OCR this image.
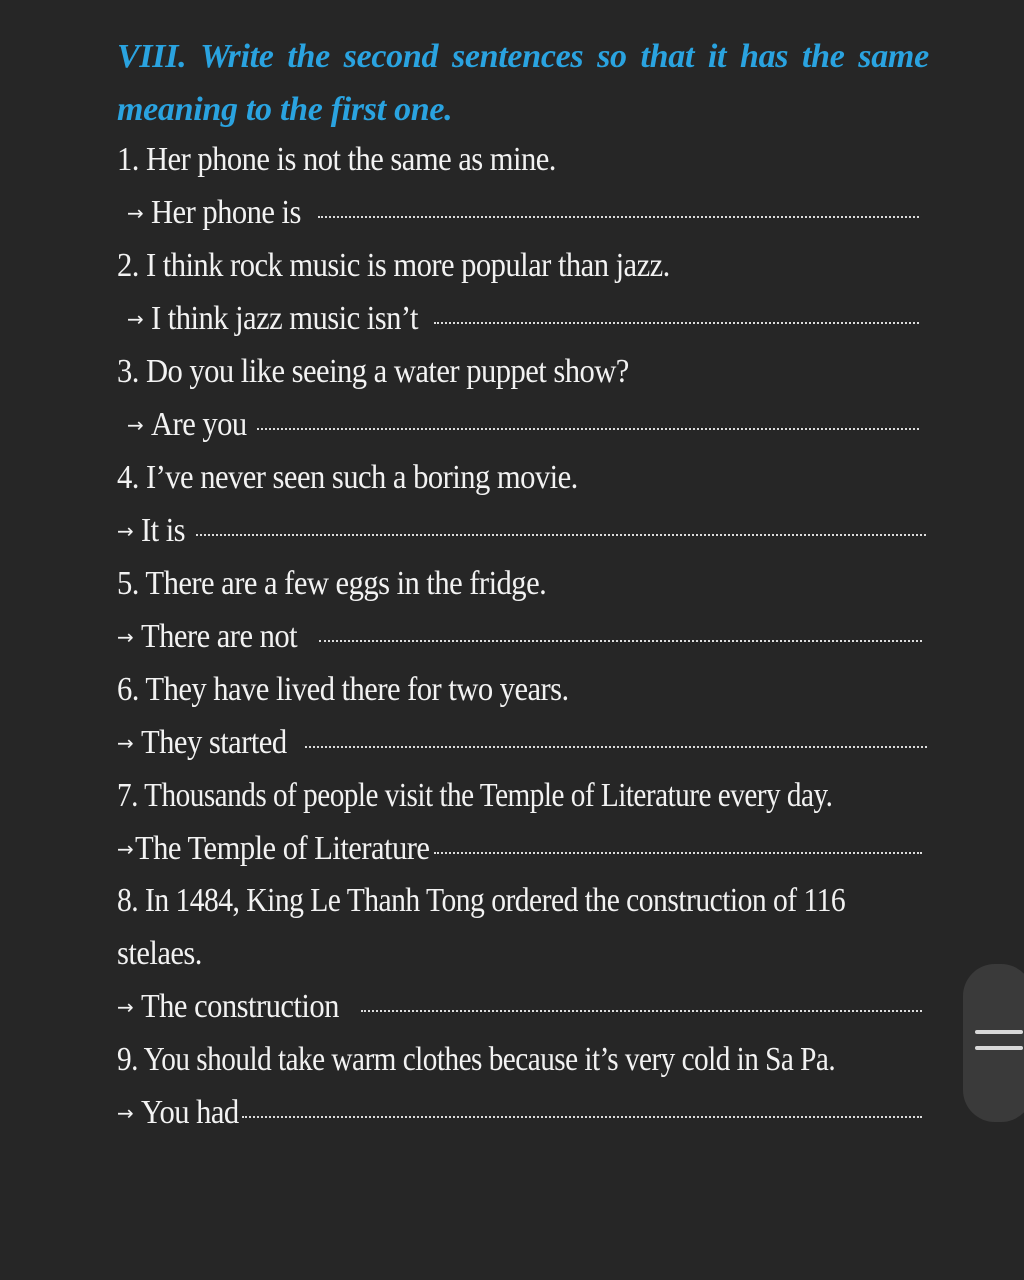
VIII. Write the second sentences so that it has the same
meaning to the first one.
1. Her phone is not the same as mine.
→ Her phone is
2. I think rock music is more popular than jazz.
→ I think jazz music isn’t
3. Do you like seeing a water puppet show?
→ Are you
4. I’ve never seen such a boring movie.
→ It is
5. There are a few eggs in the fridge.
→ There are not
6. They have lived there for two years.
→ They started
7. Thousands of people visit the Temple of Literature every day.
→ The Temple of Literature
8. In 1484, King Le Thanh Tong ordered the construction of 116
stelaes.
→ The construction
9. You should take warm clothes because it’s very cold in Sa Pa.
→ You had
